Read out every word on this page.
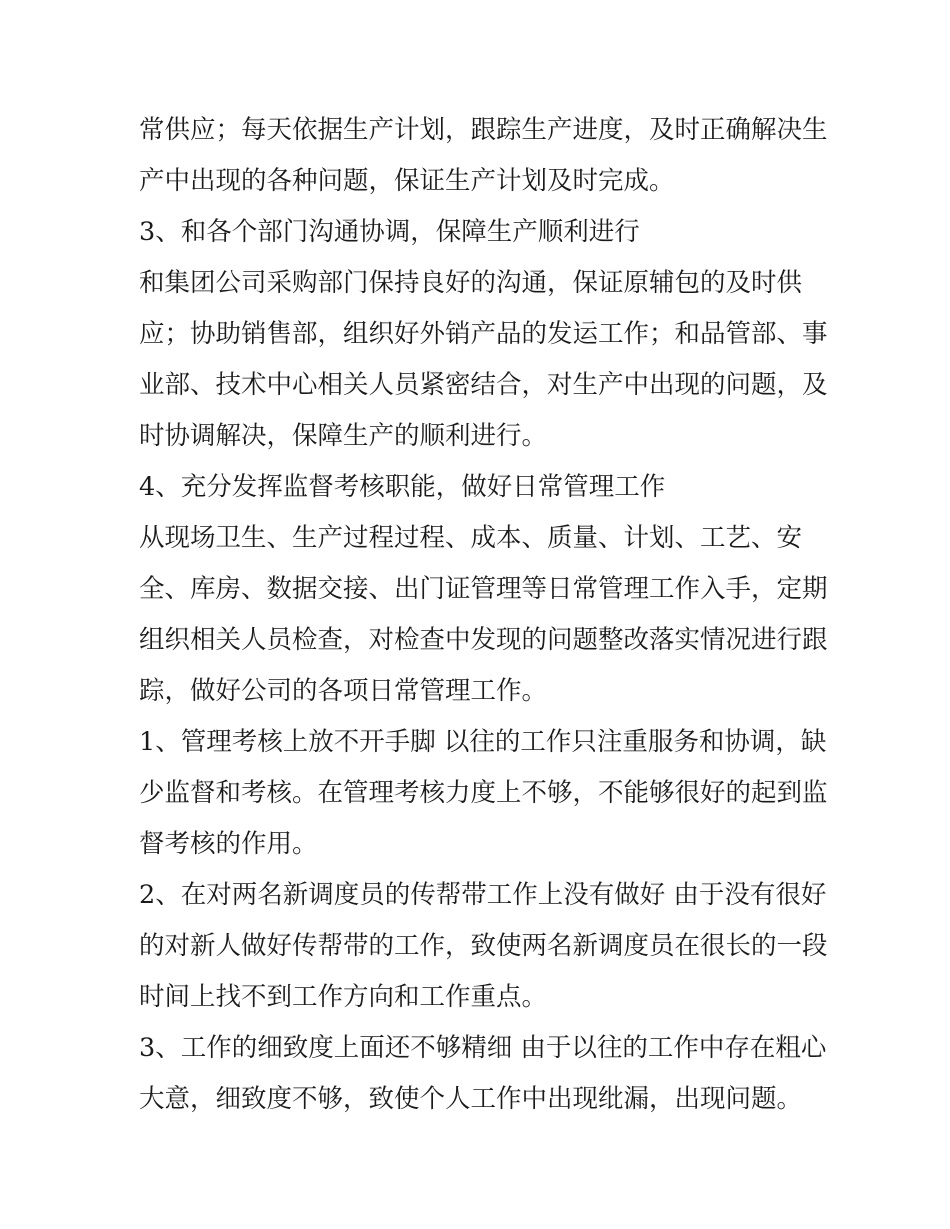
常供应；每天依据生产计划，跟踪生产进度，及时正确解决生
产中出现的各种问题，保证生产计划及时完成。
3、和各个部门沟通协调，保障生产顺利进行
和集团公司采购部门保持良好的沟通，保证原辅包的及时供
应；协助销售部，组织好外销产品的发运工作；和品管部、事
业部、技术中心相关人员紧密结合，对生产中出现的问题，及
时协调解决，保障生产的顺利进行。
4、充分发挥监督考核职能，做好日常管理工作
从现场卫生、生产过程过程、成本、质量、计划、工艺、安
全、库房、数据交接、出门证管理等日常管理工作入手，定期
组织相关人员检查，对检查中发现的问题整改落实情况进行跟
踪，做好公司的各项日常管理工作。
1、管理考核上放不开手脚 以往的工作只注重服务和协调，缺
少监督和考核。在管理考核力度上不够，不能够很好的起到监
督考核的作用。
2、在对两名新调度员的传帮带工作上没有做好 由于没有很好
的对新人做好传帮带的工作，致使两名新调度员在很长的一段
时间上找不到工作方向和工作重点。
3、工作的细致度上面还不够精细 由于以往的工作中存在粗心
大意，细致度不够，致使个人工作中出现纰漏，出现问题。
